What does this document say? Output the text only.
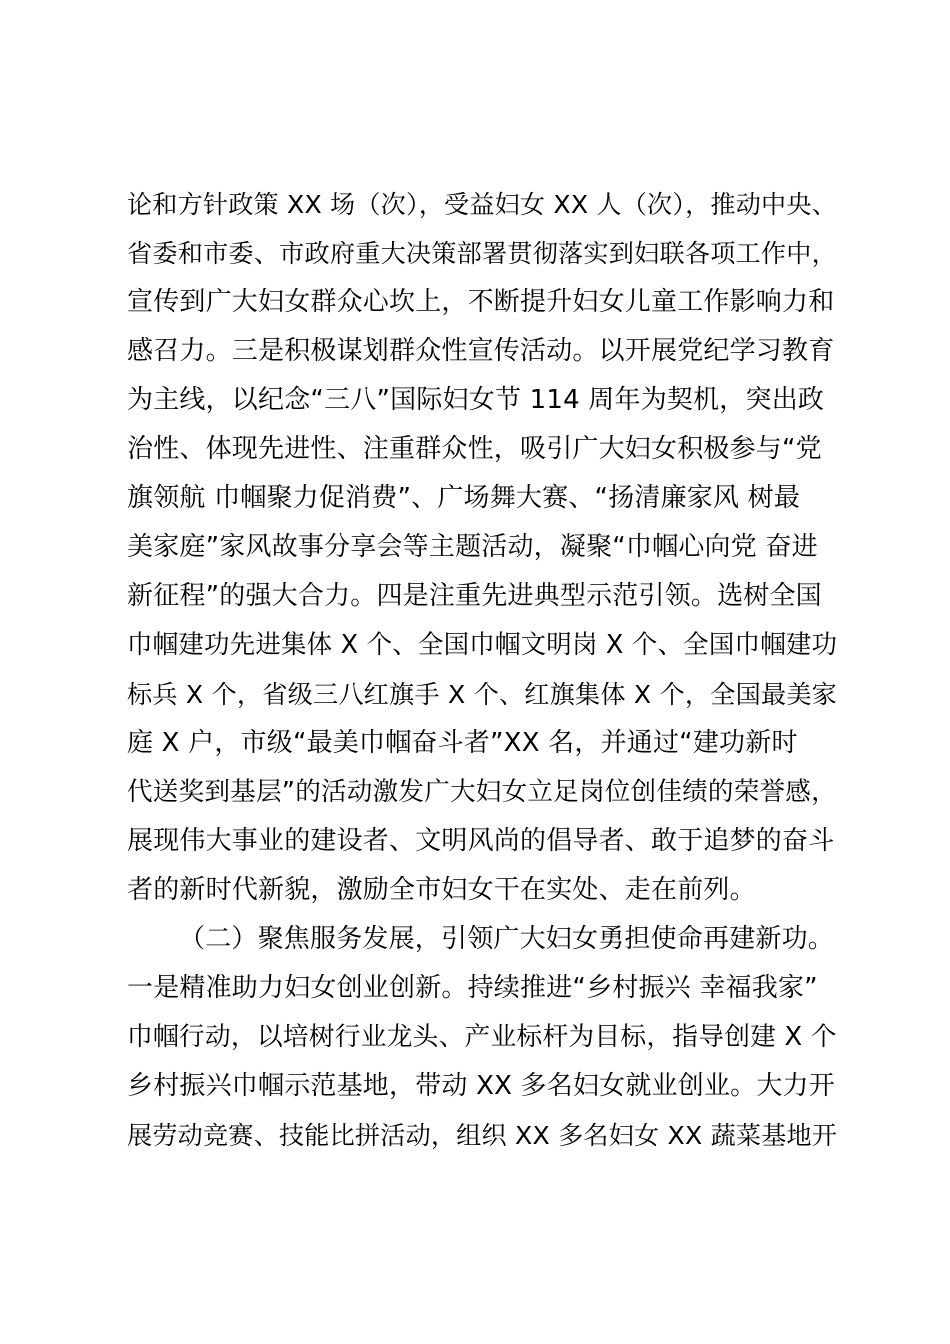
论和方针政策 XX 场（次），受益妇女 XX 人（次），推动中央、
省委和市委、市政府重大决策部署贯彻落实到妇联各项工作中，
宣传到广大妇女群众心坎上，不断提升妇女儿童工作影响力和
感召力。三是积极谋划群众性宣传活动。以开展党纪学习教育
为主线，以纪念“三八”国际妇女节 114 周年为契机，突出政
治性、体现先进性、注重群众性，吸引广大妇女积极参与“党
旗领航 巾帼聚力促消费”、广场舞大赛、“扬清廉家风 树最
美家庭”家风故事分享会等主题活动，凝聚“巾帼心向党 奋进
新征程”的强大合力。四是注重先进典型示范引领。选树全国
巾帼建功先进集体 X 个、全国巾帼文明岗 X 个、全国巾帼建功
标兵 X 个，省级三八红旗手 X 个、红旗集体 X 个，全国最美家
庭 X 户，市级“最美巾帼奋斗者”XX 名，并通过“建功新时
代送奖到基层”的活动激发广大妇女立足岗位创佳绩的荣誉感，
展现伟大事业的建设者、文明风尚的倡导者、敢于追梦的奋斗
者的新时代新貌，激励全市妇女干在实处、走在前列。
（二）聚焦服务发展，引领广大妇女勇担使命再建新功。
一是精准助力妇女创业创新。持续推进“乡村振兴 幸福我家”
巾帼行动，以培树行业龙头、产业标杆为目标，指导创建 X 个
乡村振兴巾帼示范基地，带动 XX 多名妇女就业创业。大力开
展劳动竞赛、技能比拼活动，组织 XX 多名妇女 XX 蔬菜基地开
